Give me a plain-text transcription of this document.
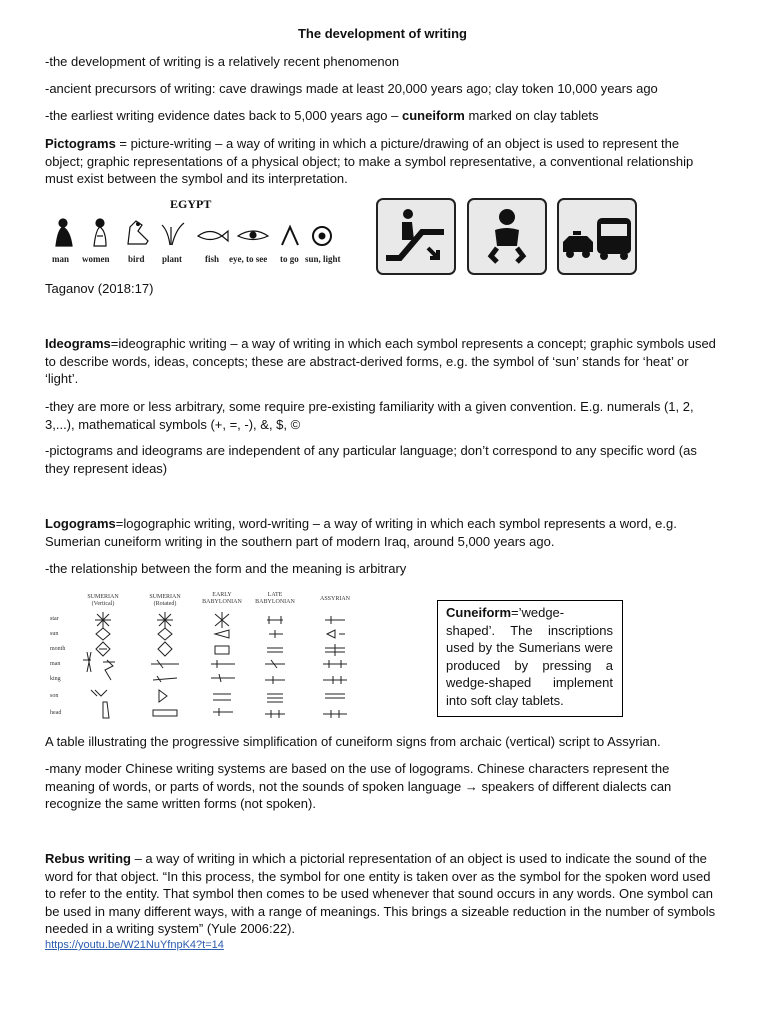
The development of writing
-the development of writing is a relatively recent phenomenon
-ancient precursors of writing: cave drawings made at least 20,000 years ago; clay token 10,000 years ago
-the earliest writing evidence dates back to 5,000 years ago – cuneiform marked on clay tablets
Pictograms = picture-writing – a way of writing in which a picture/drawing of an object is used to represent the object; graphic representations of a physical object; to make a symbol representative, a conventional relationship must exist between the symbol and its interpretation.
EGYPT
man women bird plant	fish eye, to see to go sun, light
Taganov (2018:17)
Ideograms=ideographic writing – a way of writing in which each symbol represents a concept; graphic symbols used to describe words, ideas, concepts; these are abstract-derived forms, e.g. the symbol of ‘sun’ stands for ‘heat’ or ‘light’.
-they are more or less arbitrary, some require pre-existing familiarity with a given convention. E.g. numerals (1, 2, 3,...), mathematical symbols (+, =, -), &, $, ©
-pictograms and ideograms are independent of any particular language; don’t correspond to any specific word (as they represent ideas)
Logograms=logographic writing, word-writing – a way of writing in which each symbol represents a word, e.g. Sumerian cuneiform writing in the southern part of modern Iraq, around 5,000 years ago.
-the relationship between the form and the meaning is arbitrary
SUMERIAN
(Vertical)
SUMERIAN
(Rotated)
EARLY
BABYLONIAN
LATE
BABYLONIAN	ASSYRIAN
star
sun
month
man
king
son
head
Cuneiform=’wedge-shaped’. The inscriptions used by the Sumerians were produced by pressing a wedge-shaped implement into soft clay tablets.
A table illustrating the progressive simplification of cuneiform signs from archaic (vertical) script to Assyrian.
-many moder Chinese writing systems are based on the use of logograms. Chinese characters represent the meaning of words, or parts of words, not the sounds of spoken language → speakers of different dialects can recognize the same written forms (not spoken).
Rebus writing – a way of writing in which a pictorial representation of an object is used to indicate the sound of the word for that object. “In this process, the symbol for one entity is taken over as the symbol for the spoken word used to refer to the entity. That symbol then comes to be used whenever that sound occurs in any words. One symbol can be used in many different ways, with a range of meanings. This brings a sizeable reduction in the number of symbols needed in a writing system” (Yule 2006:22).
https://youtu.be/W21NuYfnpK4?t=14
